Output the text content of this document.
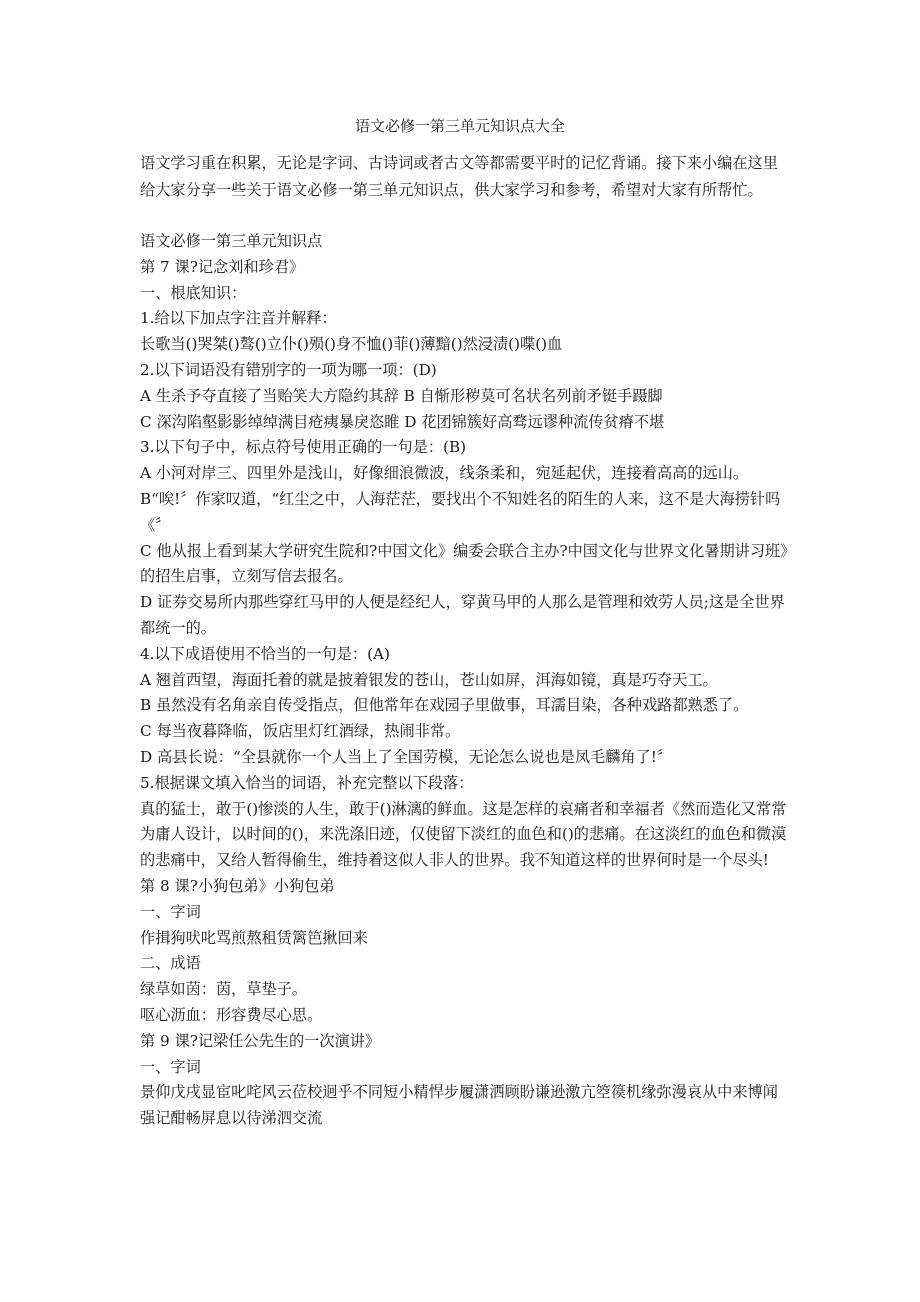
语文必修一第三单元知识点大全

语文学习重在积累，无论是字词、古诗词或者古文等都需要平时的记忆背诵。接下来小编在这里给大家分享一些关于语文必修一第三单元知识点，供大家学习和参考，希望对大家有所帮忙。

语文必修一第三单元知识点

第 7 课?记念刘和珍君》

一、根底知识：

1.给以下加点字注音并解释：

长歌当()哭桀()骜()立仆()殒()身不恤()菲()薄黯()然浸渍()喋()血

2.以下词语没有错别字的一项为哪一项：(D)

A 生杀予夺直接了当贻笑大方隐约其辞 B 自惭形秽莫可名状名列前矛铤手蹑脚

C 深沟陷壑影影绰绰满目疮痍暴戾恣睢 D 花团锦簇好高骛远谬种流传贫瘠不堪

3.以下句子中，标点符号使用正确的一句是：(B)

A 小河对岸三、四里外是浅山，好像细浪微波，线条柔和，宛延起伏，连接着高高的远山。

B“唉!〞作家叹道，“红尘之中，人海茫茫，要找出个不知姓名的陌生的人来，这不是大海捞针吗《〞

C 他从报上看到某大学研究生院和?中国文化》编委会联合主办?中国文化与世界文化暑期讲习班》的招生启事，立刻写信去报名。

D 证券交易所内那些穿红马甲的人便是经纪人，穿黄马甲的人那么是管理和效劳人员;这是全世界都统一的。

4.以下成语使用不恰当的一句是：(A)

A 翘首西望，海面托着的就是披着银发的苍山，苍山如屏，洱海如镜，真是巧夺天工。

B 虽然没有名角亲自传受指点，但他常年在戏园子里做事，耳濡目染，各种戏路都熟悉了。

C 每当夜暮降临，饭店里灯红酒绿，热闹非常。

D 高县长说：“全县就你一个人当上了全国劳模，无论怎么说也是凤毛麟角了!〞

5.根据课文填入恰当的词语，补充完整以下段落：

真的猛士，敢于()惨淡的人生，敢于()淋漓的鲜血。这是怎样的哀痛者和幸福者《然而造化又常常为庸人设计，以时间的()，来洗涤旧迹，仅使留下淡红的血色和()的悲痛。在这淡红的血色和微漠的悲痛中，又给人暂得偷生，维持着这似人非人的世界。我不知道这样的世界何时是一个尽头!

第 8 课?小狗包弟》小狗包弟

一、字词

作揖狗吠叱骂煎熬租赁篱笆揪回来

二、成语

绿草如茵：茵，草垫子。

呕心沥血：形容费尽心思。

第 9 课?记梁任公先生的一次演讲》

一、字词

景仰戊戌显宦叱咤风云莅校迥乎不同短小精悍步履潇洒顾盼谦逊激亢箜篌机缘弥漫哀从中来博闻强记酣畅屏息以待涕泗交流
